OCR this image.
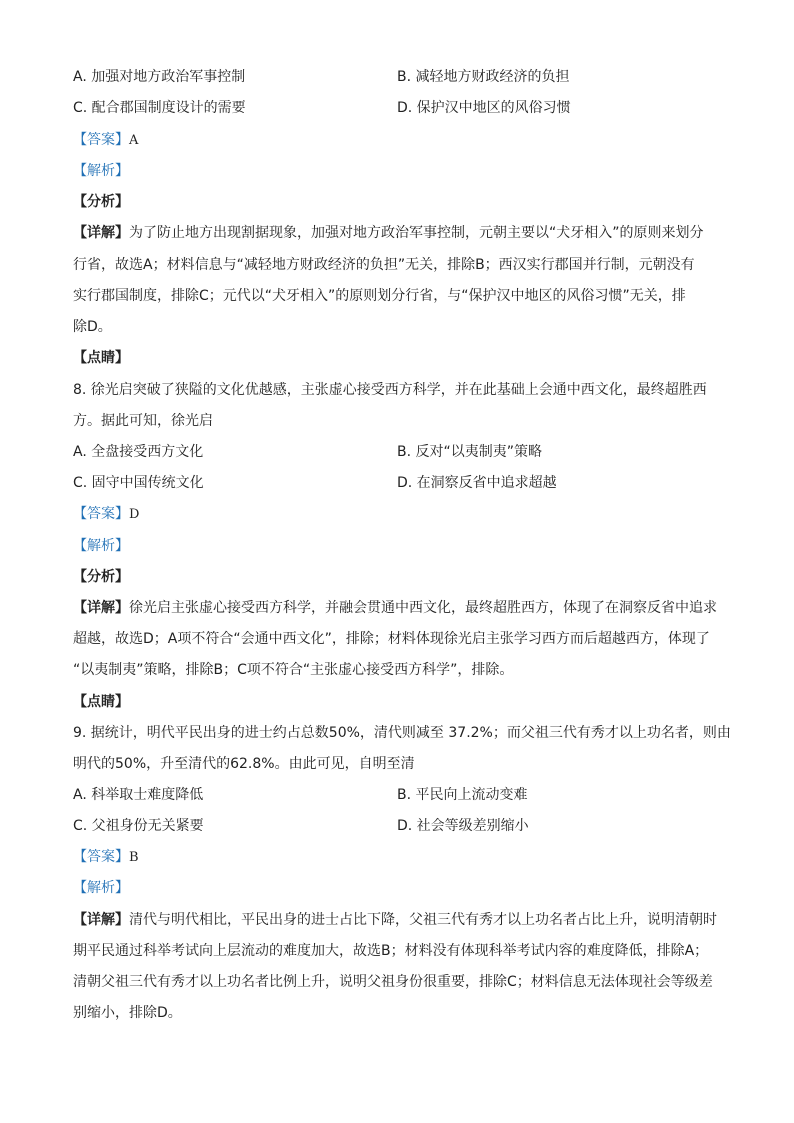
A. 加强对地方政治军事控制	B. 减轻地方财政经济的负担
C. 配合郡国制度设计的需要	D. 保护汉中地区的风俗习惯
【答案】A
【解析】
【分析】
【详解】为了防止地方出现割据现象，加强对地方政治军事控制，元朝主要以“犬牙相入”的原则来划分
行省，故选A；材料信息与“减轻地方财政经济的负担”无关，排除B；西汉实行郡国并行制，元朝没有
实行郡国制度，排除C；元代以“犬牙相入”的原则划分行省，与“保护汉中地区的风俗习惯”无关，排
除D。
【点睛】
8. 徐光启突破了狭隘的文化优越感，主张虚心接受西方科学，并在此基础上会通中西文化，最终超胜西
方。据此可知，徐光启
A. 全盘接受西方文化	B. 反对“以夷制夷”策略
C. 固守中国传统文化	D. 在洞察反省中追求超越
【答案】D
【解析】
【分析】
【详解】徐光启主张虚心接受西方科学，并融会贯通中西文化，最终超胜西方，体现了在洞察反省中追求
超越，故选D；A项不符合“会通中西文化”，排除；材料体现徐光启主张学习西方而后超越西方，体现了
“以夷制夷”策略，排除B；C项不符合“主张虚心接受西方科学”，排除。
【点睛】
9. 据统计，明代平民出身的进士约占总数50%，清代则减至 37.2%；而父祖三代有秀才以上功名者，则由
明代的50%，升至清代的62.8%。由此可见，自明至清
A. 科举取士难度降低	B. 平民向上流动变难
C. 父祖身份无关紧要	D. 社会等级差别缩小
【答案】B
【解析】
【详解】清代与明代相比，平民出身的进士占比下降，父祖三代有秀才以上功名者占比上升，说明清朝时
期平民通过科举考试向上层流动的难度加大，故选B；材料没有体现科举考试内容的难度降低，排除A；
清朝父祖三代有秀才以上功名者比例上升，说明父祖身份很重要，排除C；材料信息无法体现社会等级差
别缩小，排除D。
